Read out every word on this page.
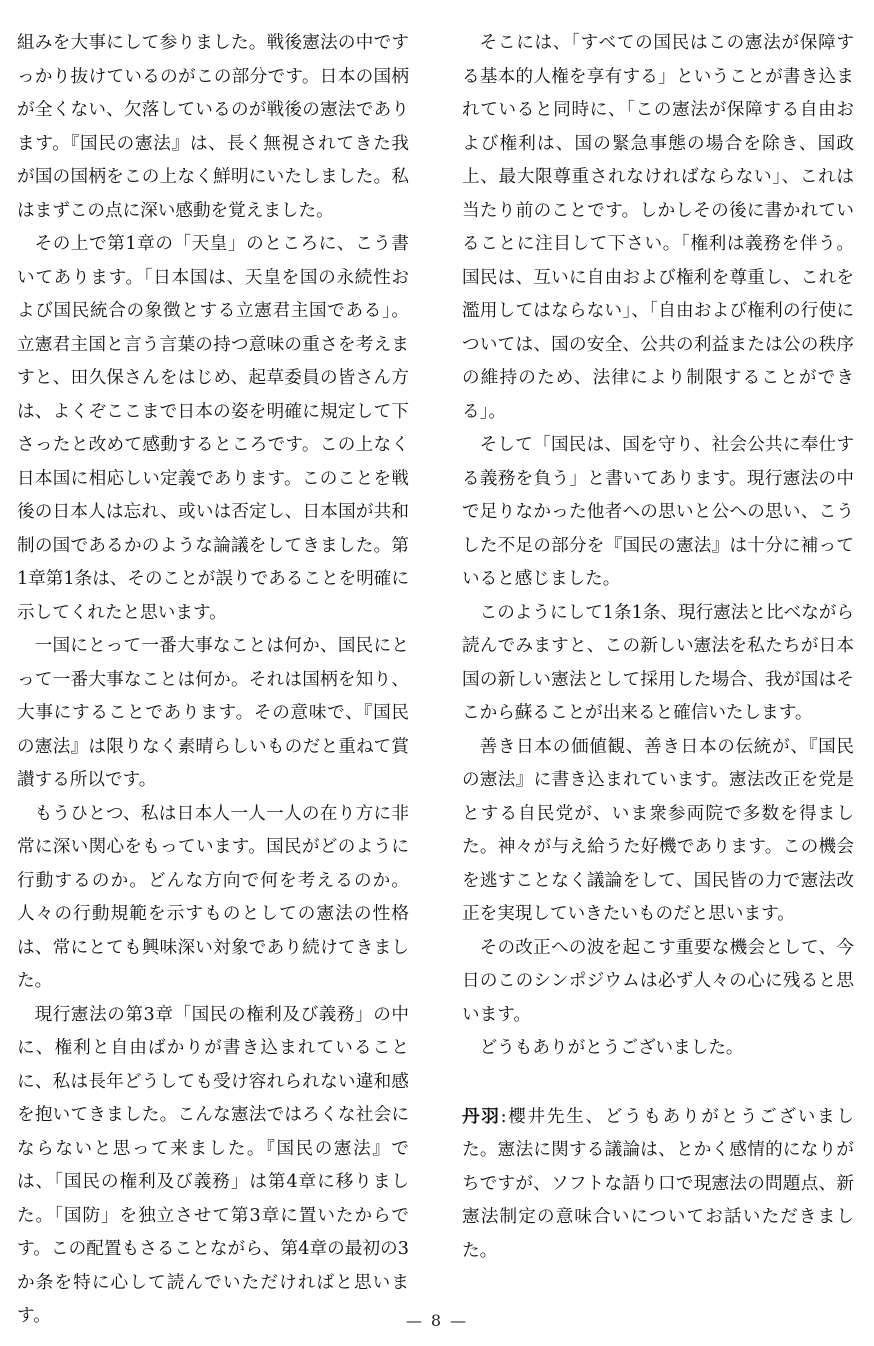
組みを大事にして参りました。戦後憲法の中ですっかり抜けているのがこの部分です。日本の国柄が全くない、欠落しているのが戦後の憲法であります。『国民の憲法』は、長く無視されてきた我が国の国柄をこの上なく鮮明にいたしました。私はまずこの点に深い感動を覚えました。

その上で第1章の「天皇」のところに、こう書いてあります。「日本国は、天皇を国の永続性および国民統合の象徴とする立憲君主国である」。立憲君主国と言う言葉の持つ意味の重さを考えますと、田久保さんをはじめ、起草委員の皆さん方は、よくぞここまで日本の姿を明確に規定して下さったと改めて感動するところです。この上なく日本国に相応しい定義であります。このことを戦後の日本人は忘れ、或いは否定し、日本国が共和制の国であるかのような論議をしてきました。第1章第1条は、そのことが誤りであることを明確に示してくれたと思います。

一国にとって一番大事なことは何か、国民にとって一番大事なことは何か。それは国柄を知り、大事にすることであります。その意味で、『国民の憲法』は限りなく素晴らしいものだと重ねて賞讃する所以です。

もうひとつ、私は日本人一人一人の在り方に非常に深い関心をもっています。国民がどのように行動するのか。どんな方向で何を考えるのか。人々の行動規範を示すものとしての憲法の性格は、常にとても興味深い対象であり続けてきました。

現行憲法の第3章「国民の権利及び義務」の中に、権利と自由ばかりが書き込まれていることに、私は長年どうしても受け容れられない違和感を抱いてきました。こんな憲法ではろくな社会にならないと思って来ました。『国民の憲法』では、「国民の権利及び義務」は第4章に移りました。「国防」を独立させて第3章に置いたからです。この配置もさることながら、第4章の最初の3か条を特に心して読んでいただければと思います。

そこには、「すべての国民はこの憲法が保障する基本的人権を享有する」ということが書き込まれていると同時に、「この憲法が保障する自由および権利は、国の緊急事態の場合を除き、国政上、最大限尊重されなければならない」、これは当たり前のことです。しかしその後に書かれていることに注目して下さい。「権利は義務を伴う。国民は、互いに自由および権利を尊重し、これを濫用してはならない」、「自由および権利の行使については、国の安全、公共の利益または公の秩序の維持のため、法律により制限することができる」。

そして「国民は、国を守り、社会公共に奉仕する義務を負う」と書いてあります。現行憲法の中で足りなかった他者への思いと公への思い、こうした不足の部分を『国民の憲法』は十分に補っていると感じました。

このようにして1条1条、現行憲法と比べながら読んでみますと、この新しい憲法を私たちが日本国の新しい憲法として採用した場合、我が国はそこから蘇ることが出来ると確信いたします。

善き日本の価値観、善き日本の伝統が、『国民の憲法』に書き込まれています。憲法改正を党是とする自民党が、いま衆参両院で多数を得ました。神々が与え給うた好機であります。この機会を逃すことなく議論をして、国民皆の力で憲法改正を実現していきたいものだと思います。

その改正への波を起こす重要な機会として、今日のこのシンポジウムは必ず人々の心に残ると思います。

どうもありがとうございました。

丹羽:櫻井先生、どうもありがとうございました。憲法に関する議論は、とかく感情的になりがちですが、ソフトな語り口で現憲法の問題点、新憲法制定の意味合いについてお話いただきました。

— 8 —
